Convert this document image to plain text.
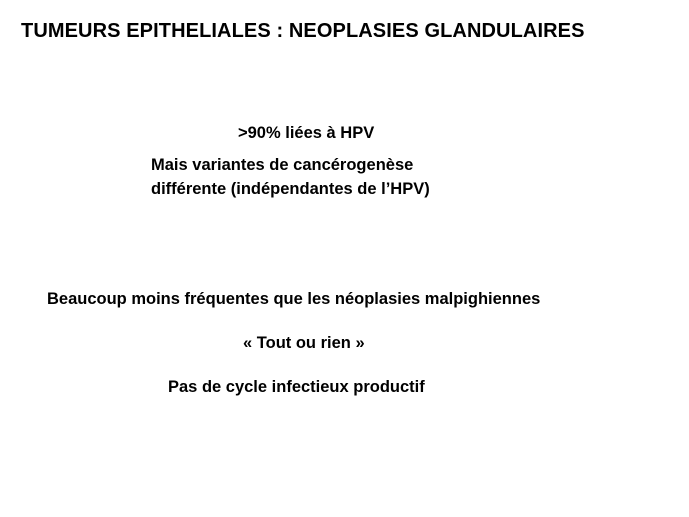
TUMEURS EPITHELIALES : NEOPLASIES GLANDULAIRES
>90% liées à HPV
Mais variantes de cancérogenèse
différente (indépendantes de l’HPV)
Beaucoup moins fréquentes que les néoplasies malpighiennes
« Tout ou rien »
Pas de cycle infectieux productif
